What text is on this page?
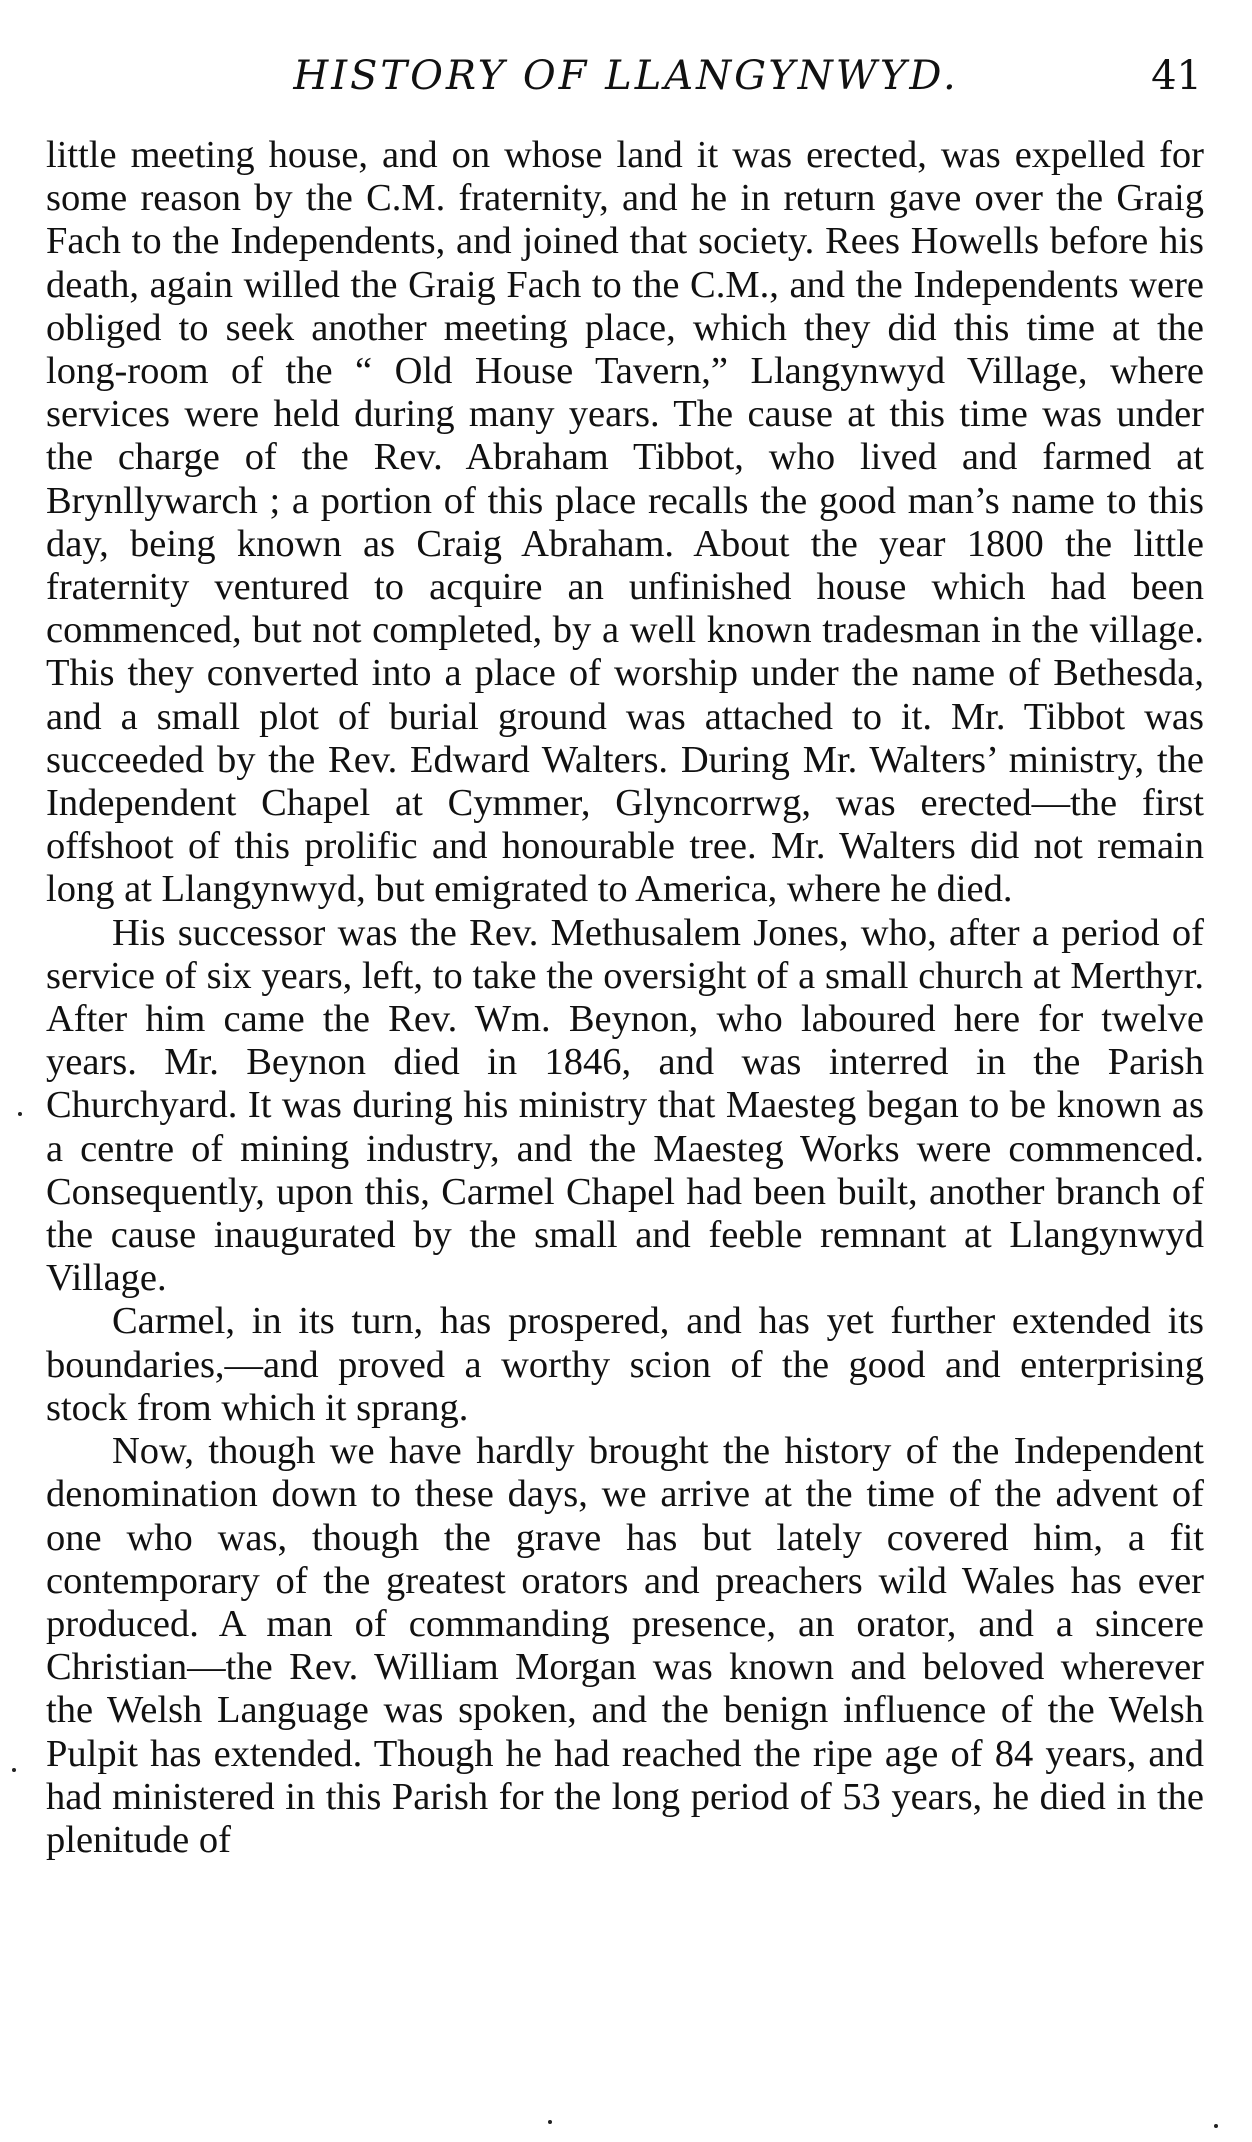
HISTORY OF LLANGYNWYD.	41

little meeting house, and on whose land it was erected, was expelled for some reason by the C.M. fraternity, and he in return gave over the Graig Fach to the Independents, and joined that society. Rees Howells before his death, again willed the Graig Fach to the C.M., and the Independents were obliged to seek another meeting place, which they did this time at the long-room of the “ Old House Tavern,” Llangynwyd Village, where services were held during many years. The cause at this time was under the charge of the Rev. Abraham Tibbot, who lived and farmed at Brynllywarch ; a portion of this place recalls the good man’s name to this day, being known as Craig Abraham. About the year 1800 the little fraternity ventured to acquire an unfinished house which had been commenced, but not completed, by a well known tradesman in the village. This they converted into a place of worship under the name of Bethesda, and a small plot of burial ground was attached to it. Mr. Tibbot was succeeded by the Rev. Edward Walters. During Mr. Walters’ ministry, the Independent Chapel at Cymmer, Glyncorrwg, was erected—the first offshoot of this prolific and honourable tree. Mr. Walters did not remain long at Llangynwyd, but emigrated to America, where he died.

His successor was the Rev. Methusalem Jones, who, after a period of service of six years, left, to take the oversight of a small church at Merthyr. After him came the Rev. Wm. Beynon, who laboured here for twelve years. Mr. Beynon died in 1846, and was interred in the Parish Churchyard. It was during his ministry that Maesteg began to be known as a centre of mining industry, and the Maesteg Works were commenced. Consequently, upon this, Carmel Chapel had been built, another branch of the cause inaugurated by the small and feeble remnant at Llangynwyd Village.

Carmel, in its turn, has prospered, and has yet further extended its boundaries,—and proved a worthy scion of the good and enterprising stock from which it sprang.

Now, though we have hardly brought the history of the Independent denomination down to these days, we arrive at the time of the advent of one who was, though the grave has but lately covered him, a fit contemporary of the greatest orators and preachers wild Wales has ever produced. A man of commanding presence, an orator, and a sincere Christian—the Rev. William Morgan was known and beloved wherever the Welsh Language was spoken, and the benign influence of the Welsh Pulpit has extended. Though he had reached the ripe age of 84 years, and had ministered in this Parish for the long period of 53 years, he died in the plenitude of
